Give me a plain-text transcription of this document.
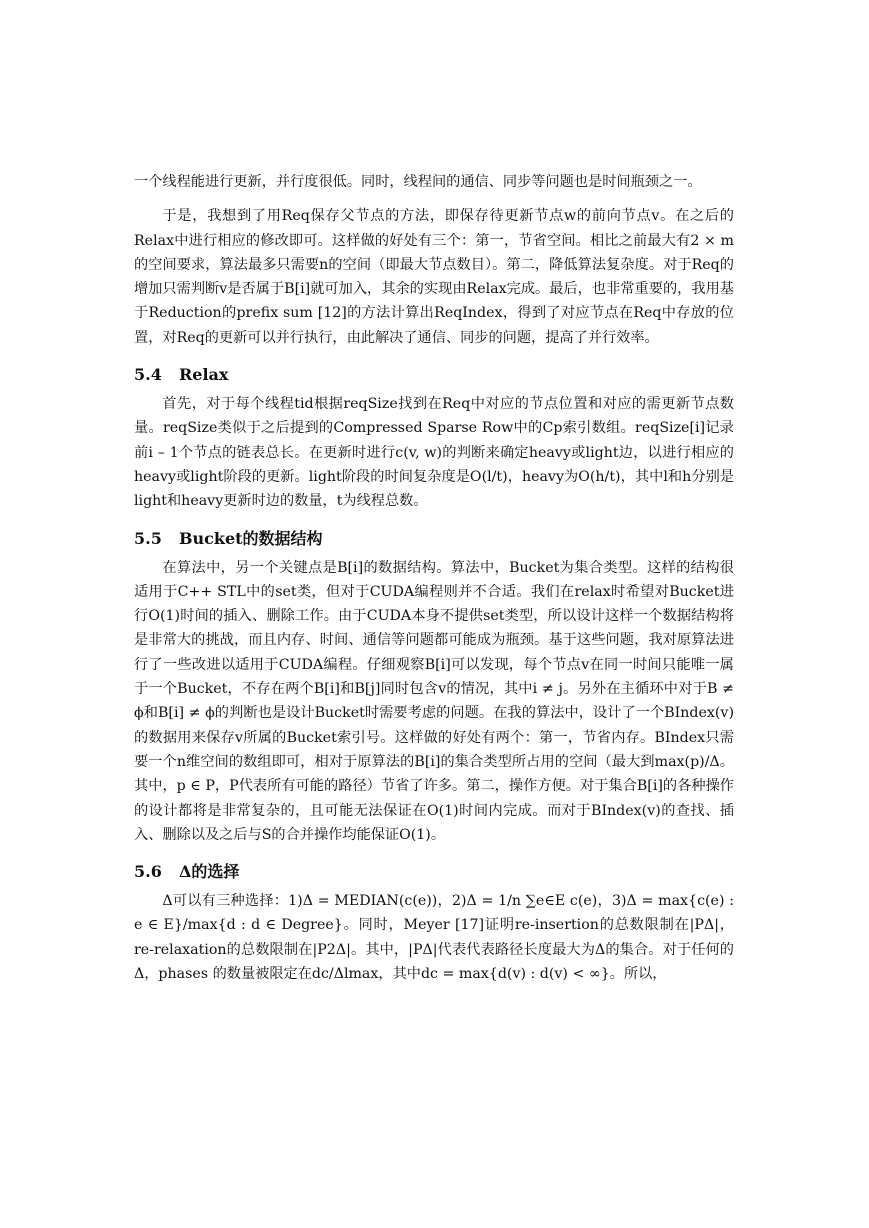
一个线程能进行更新，并行度很低。同时，线程间的通信、同步等问题也是时间瓶颈之一。

于是，我想到了用Req保存父节点的方法，即保存待更新节点w的前向节点v。在之后的Relax中进行相应的修改即可。这样做的好处有三个：第一，节省空间。相比之前最大有2 × m的空间要求，算法最多只需要n的空间（即最大节点数目）。第二，降低算法复杂度。对于Req的增加只需判断v是否属于B[i]就可加入，其余的实现由Relax完成。最后，也非常重要的，我用基于Reduction的prefix sum [12]的方法计算出ReqIndex，得到了对应节点在Req中存放的位置，对Req的更新可以并行执行，由此解决了通信、同步的问题，提高了并行效率。

5.4 Relax

首先，对于每个线程tid根据reqSize找到在Req中对应的节点位置和对应的需更新节点数量。reqSize类似于之后提到的Compressed Sparse Row中的Cp索引数组。reqSize[i]记录前i – 1个节点的链表总长。在更新时进行c(v, w)的判断来确定heavy或light边，以进行相应的heavy或light阶段的更新。light阶段的时间复杂度是O(l/t)，heavy为O(h/t)，其中l和h分别是light和heavy更新时边的数量，t为线程总数。

5.5 Bucket的数据结构

在算法中，另一个关键点是B[i]的数据结构。算法中，Bucket为集合类型。这样的结构很适用于C++ STL中的set类，但对于CUDA编程则并不合适。我们在relax时希望对Bucket进行O(1)时间的插入、删除工作。由于CUDA本身不提供set类型，所以设计这样一个数据结构将是非常大的挑战，而且内存、时间、通信等问题都可能成为瓶颈。基于这些问题，我对原算法进行了一些改进以适用于CUDA编程。仔细观察B[i]可以发现，每个节点v在同一时间只能唯一属于一个Bucket，不存在两个B[i]和B[j]同时包含v的情况，其中i ≠ j。另外在主循环中对于B ≠ ϕ和B[i] ≠ ϕ的判断也是设计Bucket时需要考虑的问题。在我的算法中，设计了一个BIndex(v)的数据用来保存v所属的Bucket索引号。这样做的好处有两个：第一，节省内存。BIndex只需要一个n维空间的数组即可，相对于原算法的B[i]的集合类型所占用的空间（最大到max(p)/Δ。其中，p ∈ P，P代表所有可能的路径）节省了许多。第二，操作方便。对于集合B[i]的各种操作的设计都将是非常复杂的，且可能无法保证在O(1)时间内完成。而对于BIndex(v)的查找、插入、删除以及之后与S的合并操作均能保证O(1)。

5.6 Δ的选择

Δ可以有三种选择：1)Δ = MEDIAN(c(e))，2)Δ = 1/n ∑e∈E c(e)，3)Δ = max{c(e) : e ∈ E}/max{d : d ∈ Degree}。同时，Meyer [17]证明re-insertion的总数限制在|PΔ|，re-relaxation的总数限制在|P2Δ|。其中，|PΔ|代表代表路径长度最大为Δ的集合。对于任何的Δ，phases 的数量被限定在dc/Δlmax，其中dc = max{d(v) : d(v) < ∞}。所以，
